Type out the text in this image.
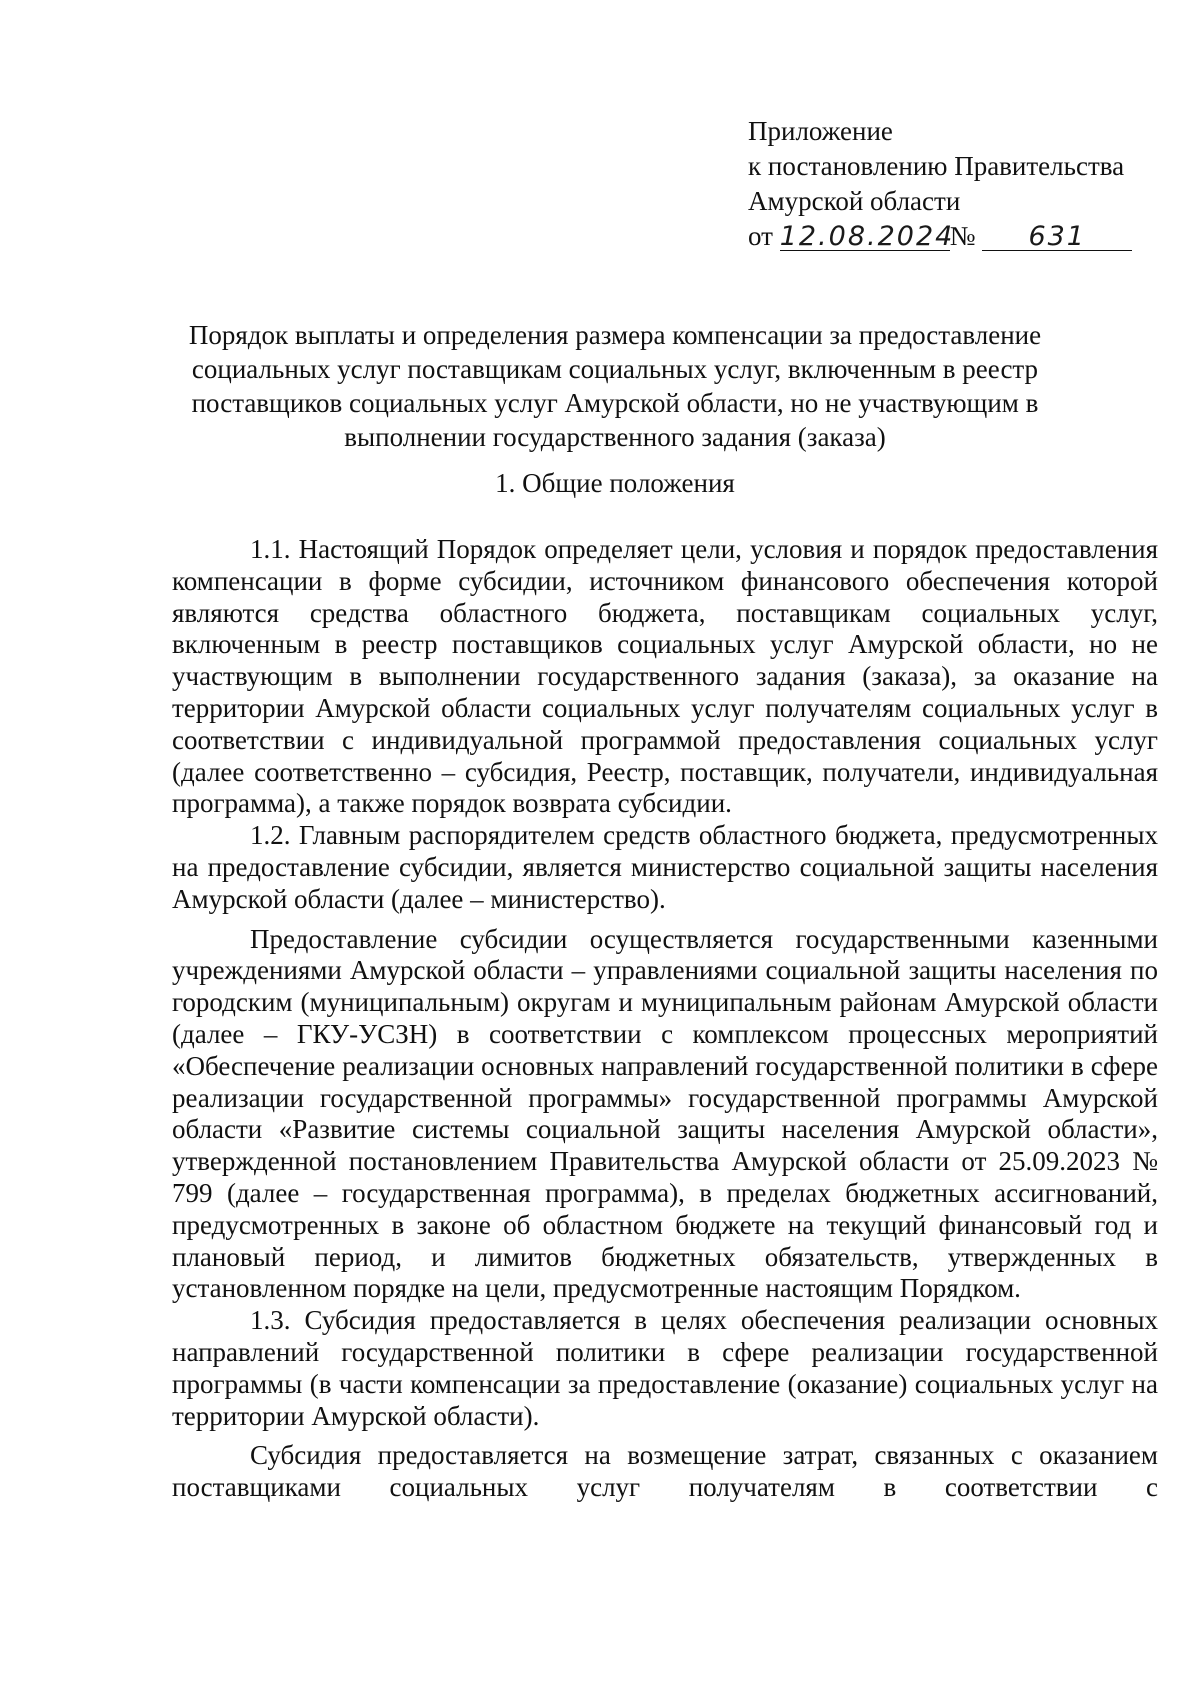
Приложение
к постановлению Правительства
Амурской области
от 12.08.2024№ 631
Порядок выплаты и определения размера компенсации за предоставление
социальных услуг поставщикам социальных услуг, включенным в реестр
поставщиков социальных услуг Амурской области, но не участвующим в
выполнении государственного задания (заказа)
1. Общие положения

1.1. Настоящий Порядок определяет цели, условия и порядок предоставления компенсации в форме субсидии, источником финансового обеспечения которой являются средства областного бюджета, поставщикам социальных услуг, включенным в реестр поставщиков социальных услуг Амурской области, но не участвующим в выполнении государственного задания (заказа), за оказание на территории Амурской области социальных услуг получателям социальных услуг в соответствии с индивидуальной программой предоставления социальных услуг (далее соответственно – субсидия, Реестр, поставщик, получатели, индивидуальная программа), а также порядок возврата субсидии.

1.2. Главным распорядителем средств областного бюджета, предусмотренных на предоставление субсидии, является министерство социальной защиты населения Амурской области (далее – министерство).

Предоставление субсидии осуществляется государственными казенными учреждениями Амурской области – управлениями социальной защиты населения по городским (муниципальным) округам и муниципальным районам Амурской области (далее – ГКУ-УСЗН) в соответствии с комплексом процессных мероприятий «Обеспечение реализации основных направлений государственной политики в сфере реализации государственной программы» государственной программы Амурской области «Развитие системы социальной защиты населения Амурской области», утвержденной постановлением Правительства Амурской области от 25.09.2023 № 799 (далее – государственная программа), в пределах бюджетных ассигнований, предусмотренных в законе об областном бюджете на текущий финансовый год и плановый период, и лимитов бюджетных обязательств, утвержденных в установленном порядке на цели, предусмотренные настоящим Порядком.

1.3. Субсидия предоставляется в целях обеспечения реализации основных направлений государственной политики в сфере реализации государственной программы (в части компенсации за предоставление (оказание) социальных услуг на территории Амурской области).

Субсидия предоставляется на возмещение затрат, связанных с оказанием поставщиками социальных услуг получателям в соответствии с
